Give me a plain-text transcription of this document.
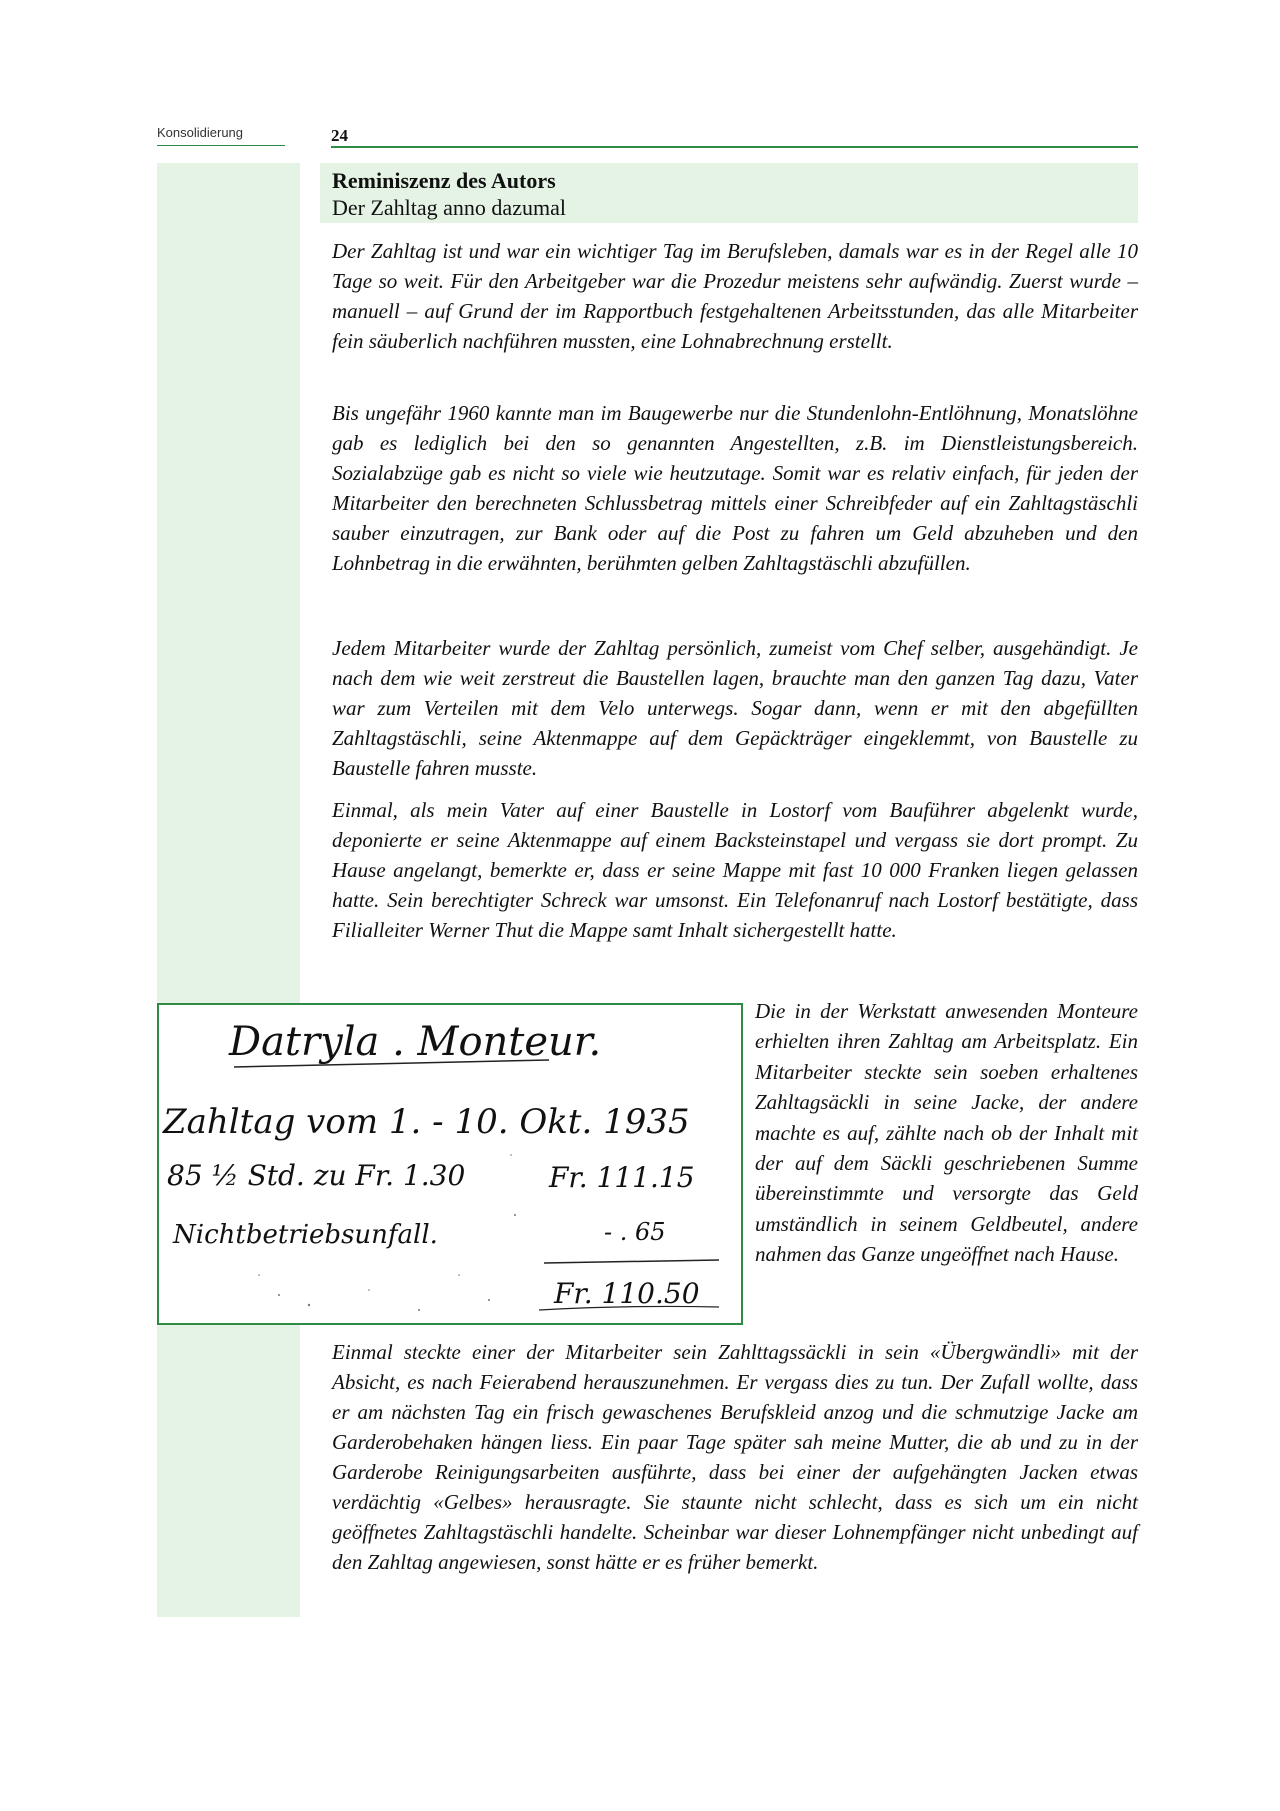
Konsolidierung	24
Reminiszenz des Autors
Der Zahltag anno dazumal

Der Zahltag ist und war ein wichtiger Tag im Berufsleben, damals war es in der Regel alle 10 Tage so weit. Für den Arbeitgeber war die Prozedur meistens sehr aufwändig. Zuerst wurde – manuell – auf Grund der im Rapportbuch festgehaltenen Arbeitsstunden, das alle Mitarbeiter fein säuberlich nachführen mussten, eine Lohnabrechnung erstellt.

Bis ungefähr 1960 kannte man im Baugewerbe nur die Stundenlohn-Entlöhnung, Monatslöhne gab es lediglich bei den so genannten Angestellten, z.B. im Dienstleistungsbereich. Sozialabzüge gab es nicht so viele wie heutzutage. Somit war es relativ einfach, für jeden der Mitarbeiter den berechneten Schlussbetrag mittels einer Schreibfeder auf ein Zahltagstäschli sauber einzutragen, zur Bank oder auf die Post zu fahren um Geld abzuheben und den Lohnbetrag in die erwähnten, berühmten gelben Zahltagstäschli abzufüllen.

Jedem Mitarbeiter wurde der Zahltag persönlich, zumeist vom Chef selber, ausgehändigt. Je nach dem wie weit zerstreut die Baustellen lagen, brauchte man den ganzen Tag dazu, Vater war zum Verteilen mit dem Velo unterwegs. Sogar dann, wenn er mit den abgefüllten Zahltagstäschli, seine Aktenmappe auf dem Gepäckträger eingeklemmt, von Baustelle zu Baustelle fahren musste.

Einmal, als mein Vater auf einer Baustelle in Lostorf vom Bauführer abgelenkt wurde, deponierte er seine Aktenmappe auf einem Backsteinstapel und vergass sie dort prompt. Zu Hause angelangt, bemerkte er, dass er seine Mappe mit fast 10 000 Franken liegen gelassen hatte. Sein berechtigter Schreck war umsonst. Ein Telefonanruf nach Lostorf bestätigte, dass Filialleiter Werner Thut die Mappe samt Inhalt sichergestellt hatte.

Datryla . Monteur.
Zahltag vom 1. - 10. Okt. 1935
85 ½ Std. zu Fr. 1.30	Fr. 111.15
Nichtbetriebsunfall.	- . 65
Fr. 110.50

Die in der Werkstatt anwesenden Monteure erhielten ihren Zahltag am Arbeitsplatz. Ein Mitarbeiter steckte sein soeben erhaltenes Zahltagsäckli in seine Jacke, der andere machte es auf, zählte nach ob der Inhalt mit der auf dem Säckli geschriebenen Summe übereinstimmte und versorgte das Geld umständlich in seinem Geldbeutel, andere nahmen das Ganze ungeöffnet nach Hause.

Einmal steckte einer der Mitarbeiter sein Zahlttagssäckli in sein «Übergwändli» mit der Absicht, es nach Feierabend herauszunehmen. Er vergass dies zu tun. Der Zufall wollte, dass er am nächsten Tag ein frisch gewaschenes Berufskleid anzog und die schmutzige Jacke am Garderobehaken hängen liess. Ein paar Tage später sah meine Mutter, die ab und zu in der Garderobe Reinigungsarbeiten ausführte, dass bei einer der aufgehängten Jacken etwas verdächtig «Gelbes» herausragte. Sie staunte nicht schlecht, dass es sich um ein nicht geöffnetes Zahltagstäschli handelte. Scheinbar war dieser Lohnempfänger nicht unbedingt auf den Zahltag angewiesen, sonst hätte er es früher bemerkt.
